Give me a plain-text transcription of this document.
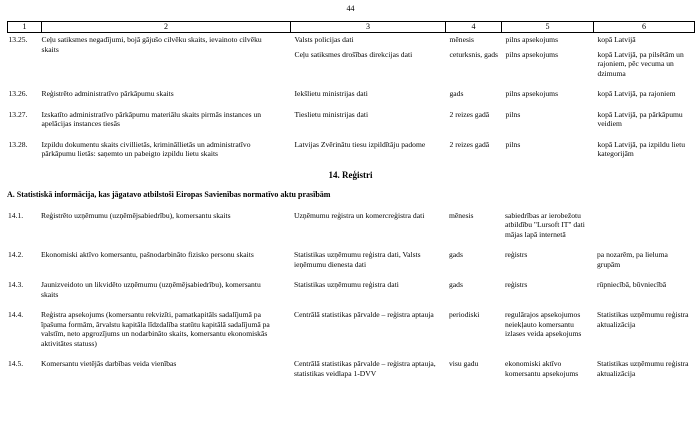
44
1	2	3	4	5	6
13.25.	Ceļu satiksmes negadījumi, bojā gājušo cilvēku skaits, ievainoto cilvēku skaits	Valsts policijas dati	mēnesis	pilns apsekojums	kopā Latvijā
		Ceļu satiksmes drošības direkcijas dati	ceturksnis, gads	pilns apsekojums	kopā Latvijā, pa pilsētām un rajoniem, pēc vecuma un dzimuma
13.26.	Reģistrēto administratīvo pārkāpumu skaits	Iekšlietu ministrijas dati	gads	pilns apsekojums	kopā Latvijā, pa rajoniem
13.27.	Izskatīto administratīvo pārkāpumu materiālu skaits pirmās instances un apelācijas instances tiesās	Tieslietu ministrijas dati	2 reizes gadā	pilns	kopā Latvijā, pa pārkāpumu veidiem
13.28.	Izpildu dokumentu skaits civillietās, krimināllietās un administratīvo pārkāpumu lietās: saņemto un pabeigto izpildu lietu skaits	Latvijas Zvērinātu tiesu izpildītāju padome	2 reizes gadā	pilns	kopā Latvijā, pa izpildu lietu kategorijām
14. Reģistri
A. Statistiskā informācija, kas jāgatavo atbilstoši Eiropas Savienības normatīvo aktu prasībām
14.1.	Reģistrēto uzņēmumu (uzņēmējsabiedrību), komersantu skaits	Uzņēmumu reģistra un komercreģistra dati	mēnesis	sabiedrības ar ierobežotu atbildību "Lursoft IT" dati mājas lapā internetā	
14.2.	Ekonomiski aktīvo komersantu, pašnodarbināto fizisko personu skaits	Statistikas uzņēmumu reģistra dati, Valsts ieņēmumu dienesta dati	gads	reģistrs	pa nozarēm, pa lieluma grupām
14.3.	Jaunizveidoto un likvidēto uzņēmumu (uzņēmējsabiedrību), komersantu skaits	Statistikas uzņēmumu reģistra dati	gads	reģistrs	rūpniecībā, būvniecībā
14.4.	Reģistra apsekojums (komersantu rekvizīti, pamatkapitāls sadalījumā pa īpašuma formām, ārvalstu kapitāla līdzdalība statūtu kapitālā sadalījumā pa valstīm, neto apgrozījums un nodarbināto skaits, komersantu ekonomiskās aktivitātes statuss)	Centrālā statistikas pārvalde – reģistra aptauja	periodiski	regulārajos apsekojumos neiekļauto komersantu izlases veida apsekojums	Statistikas uzņēmumu reģistra aktualizācija
14.5.	Komersantu vietējās darbības veida vienības	Centrālā statistikas pārvalde – reģistra aptauja, statistikas veidlapa 1-DVV	visu gadu	ekonomiski aktīvo komersantu apsekojums	Statistikas uzņēmumu reģistra aktualizācija
